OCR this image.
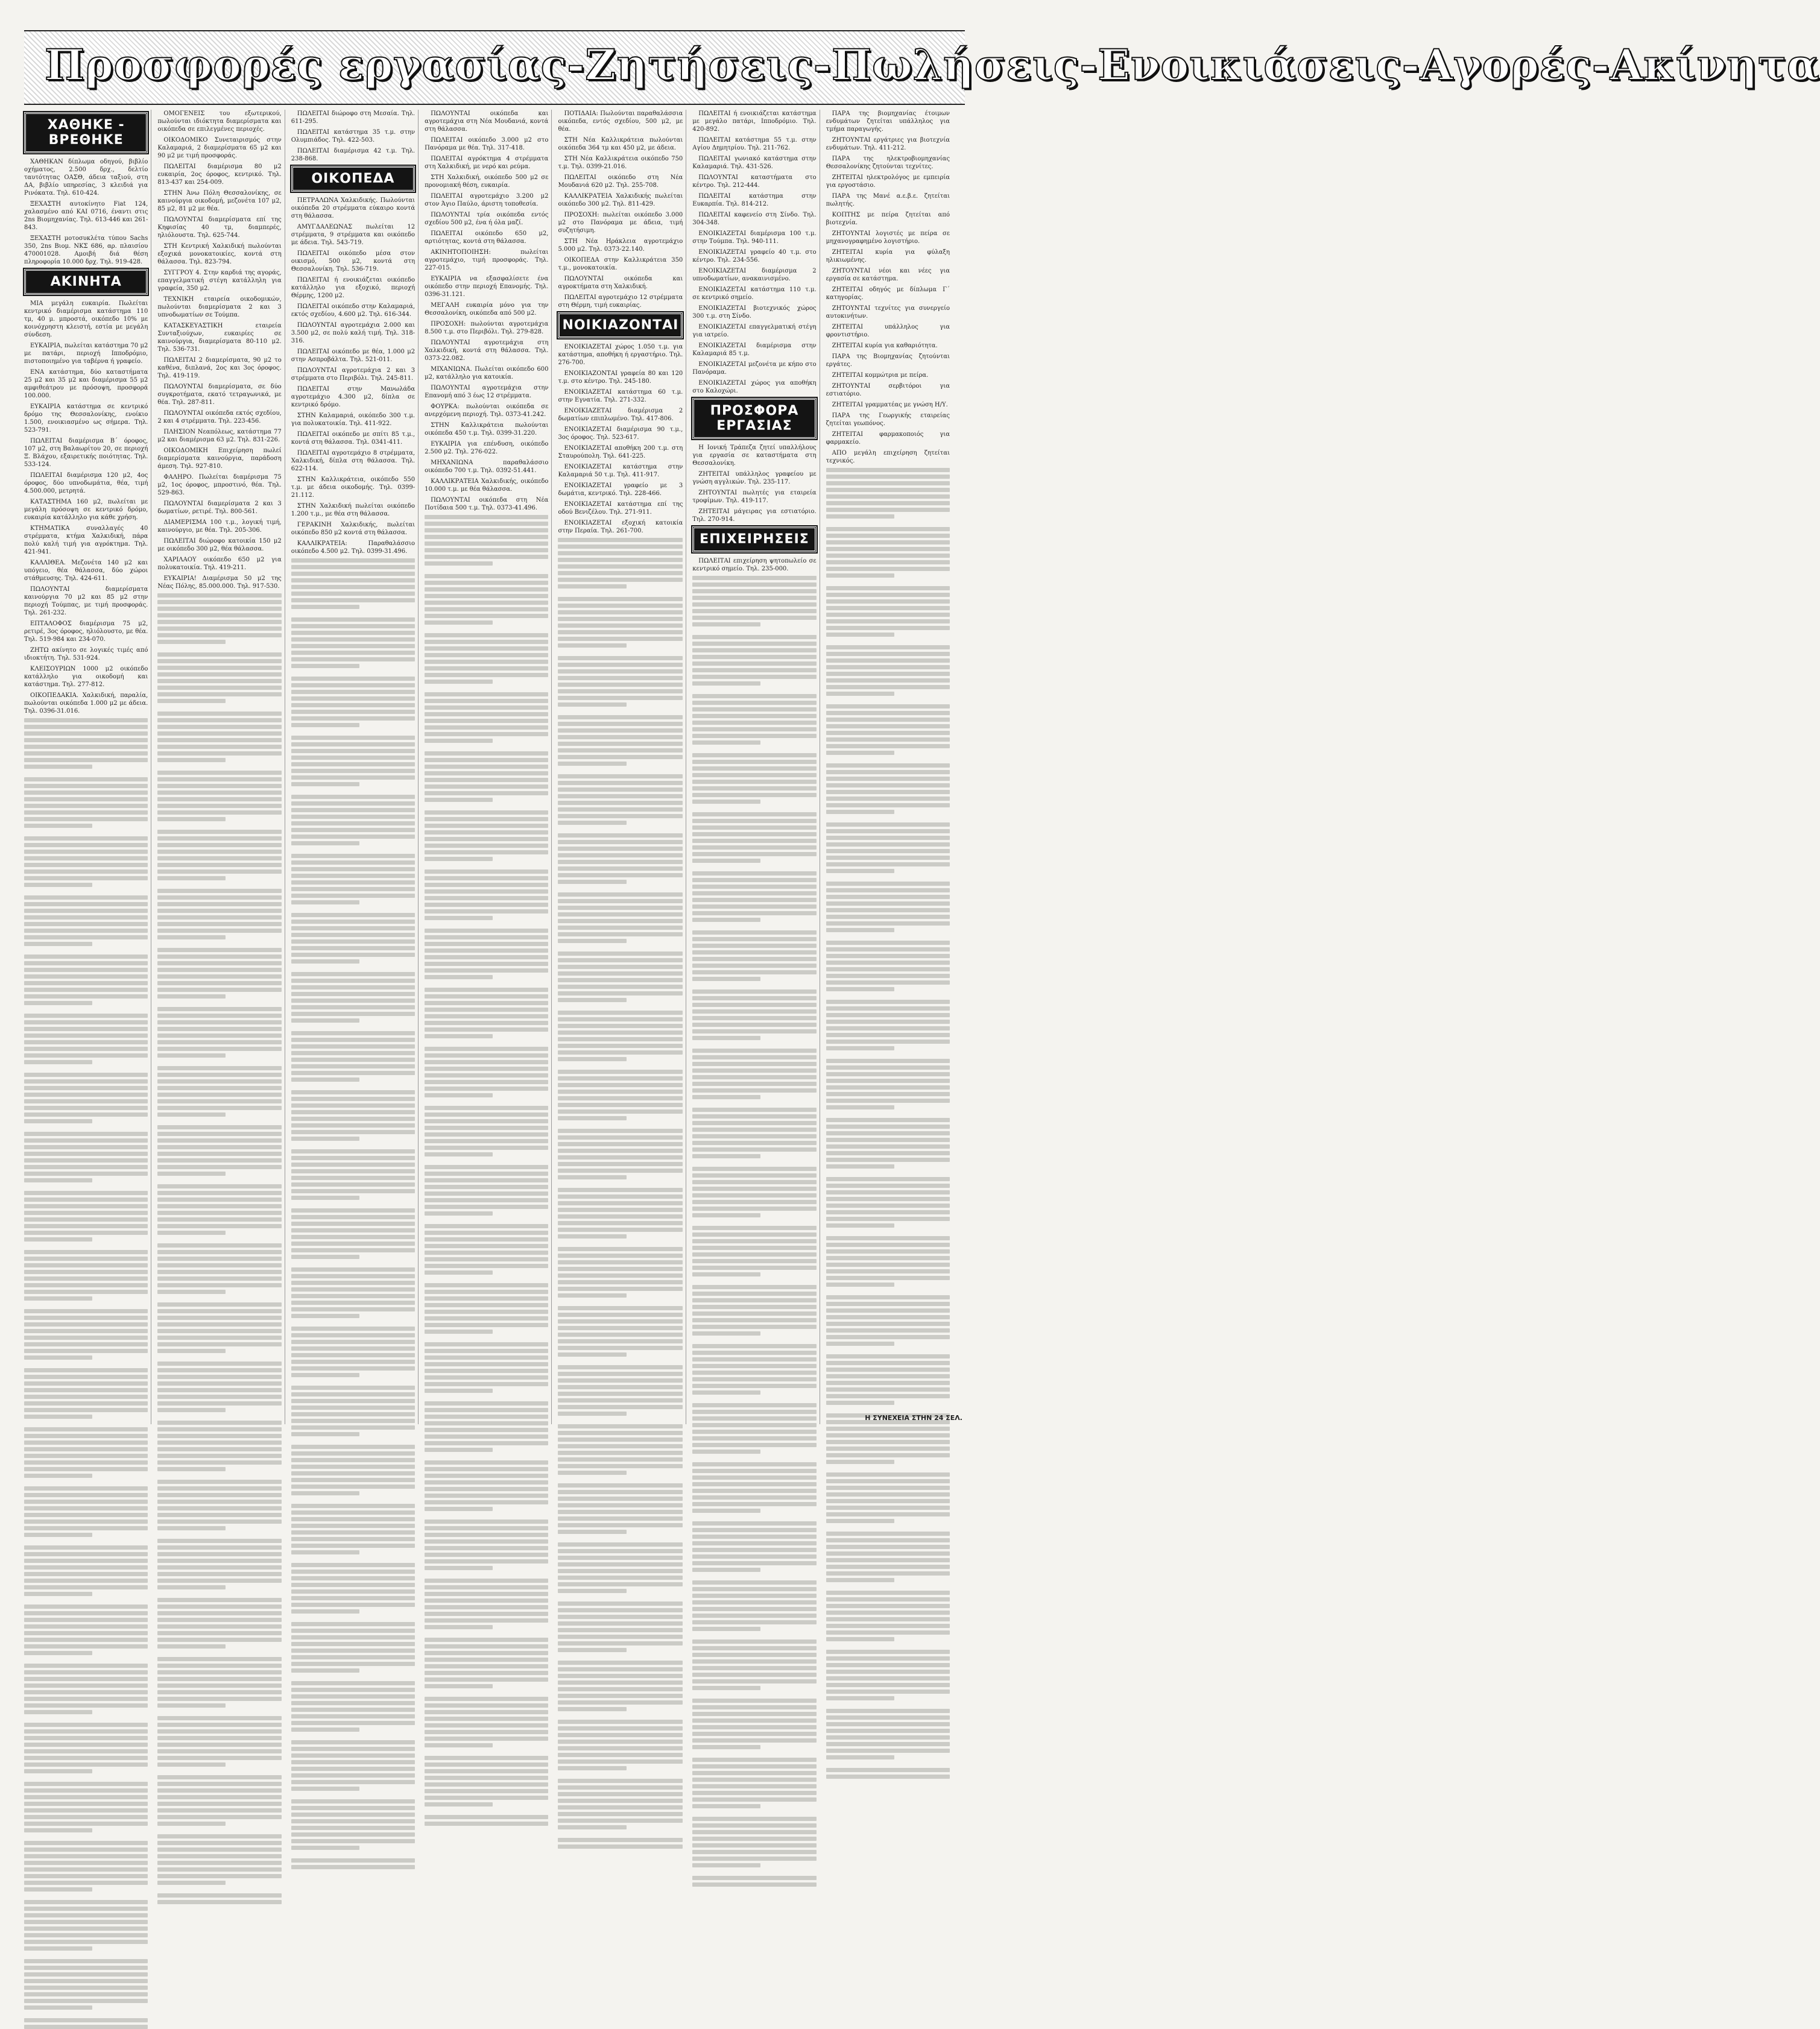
Προσφορές εργασίας-Ζητήσεις-Πωλήσεις-Ενοικιάσεις-Αγορές-Ακίνητα
ΧΑΘΗΚΕ - ΒΡΕΘΗΚΕ

ΧΑΘΗΚΑΝ δίπλωμα οδηγού, βιβλίο οχήματος, 2.500 δρχ., δελτίο ταυτότητας ΟΑΣΘ, άδεια ταξιού, στη ΔΑ, βιβλίο υπηρεσίας, 3 κλειδιά για Ρινόκατα. Τηλ. 610-424.

ΞΕΧΑΣΤΗ αυτοκίνητο Fiat 124, χαλασμένο από ΚΑΙ 0716, έναντι στις 2ns Βιομηχανίας. Τηλ. 613-446 και 261-843.

ΞΕΧΑΣΤΗ μοτοσυκλέτα τύπου Sachs 350, 2ns Βιομ. ΝΚΣ 686, αρ. πλαισίου 470001028. Αμοιβή διά θέση πληροφορία 10.000 δρχ. Τηλ. 919-428.

ΑΚΙΝΗΤΑ

ΜΙΑ μεγάλη ευκαιρία. Πωλείται κεντρικό διαμέρισμα κατάστημα 110 τμ, 40 μ. μπροστά, οικόπεδο 10% με κοινόχρηστη κλειστή, εστία με μεγάλη σύνδεση.

ΕΥΚΑΙΡΙΑ, πωλείται κατάστημα 70 μ2 με πατάρι, περιοχή Ιπποδρόμιο, πιστοποιημένο για ταβέρνα ή γραφείο.

ΕΝΑ κατάστημα, δύο καταστήματα 25 μ2 και 35 μ2 και διαμέρισμα 55 μ2 αμφιθεάτρου με πρόσοψη, προσφορά 100.000.

ΕΥΚΑΙΡΙΑ κατάστημα σε κεντρικό δρόμο της Θεσσαλονίκης, ενοίκιο 1.500, ενοικιασμένο ως σήμερα. Τηλ. 523-791.

ΠΩΛΕΙΤΑΙ διαμέρισμα Β΄ όροφος, 107 μ2, στη Βαλαωρίτου 20, σε περιοχή Ξ. Βλάχου, εξαιρετικής ποιότητας. Τηλ. 533-124.

ΠΩΛΕΙΤΑΙ διαμέρισμα 120 μ2, 4ος όροφος, δύο υπνοδωμάτια, θέα, τιμή 4.500.000, μετρητά.

ΚΑΤΑΣΤΗΜΑ 160 μ2, πωλείται με μεγάλη πρόσοψη σε κεντρικό δρόμο, ευκαιρία κατάλληλο για κάθε χρήση.

ΚΤΗΜΑΤΙΚΑ συναλλαγές 40 στρέμματα, κτήμα Χαλκιδική, πάρα πολύ καλή τιμή για αγρόκτημα. Τηλ. 421-941.

ΚΑΛΛΙΘΕΑ. Μεζονέτα 140 μ2 και υπόγειο, θέα θάλασσα, δύο χώροι στάθμευσης. Τηλ. 424-611.

ΠΩΛΟΥΝΤΑΙ διαμερίσματα καινούργια 70 μ2 και 85 μ2 στην περιοχή Τούμπας, με τιμή προσφοράς. Τηλ. 261-232.

ΕΠΤΑΛΟΦΟΣ διαμέρισμα 75 μ2, ρετιρέ, 3ος όροφος, ηλιόλουστο, με θέα. Τηλ. 519-984 και 234-070.

ΖΗΤΩ ακίνητο σε λογικές τιμές από ιδιοκτήτη. Τηλ. 531-924.

ΚΛΕΙΣΟΥΡΙΩΝ 1000 μ2 οικόπεδο κατάλληλο για οικοδομή και κατάστημα. Τηλ. 277-812.

ΟΙΚΟΠΕΔΑΚΙΑ. Χαλκιδική, παραλία, πωλούνται οικόπεδα 1.000 μ2 με άδεια. Τηλ. 0396-31.016.

ΟΜΟΓΕΝΕΙΣ του εξωτερικού, πωλούνται ιδιόκτητα διαμερίσματα και οικόπεδα σε επιλεγμένες περιοχές.

ΟΙΚΟΔΟΜΙΚΟ Συνεταιρισμός στην Καλαμαριά, 2 διαμερίσματα 65 μ2 και 90 μ2 με τιμή προσφοράς.

ΠΩΛΕΙΤΑΙ διαμέρισμα 80 μ2 ευκαιρία, 2ος όροφος, κεντρικό. Τηλ. 813-437 και 254-009.

ΣΤΗΝ Άνω Πόλη Θεσσαλονίκης, σε καινούργια οικοδομή, μεζονέτα 107 μ2, 85 μ2, 81 μ2 με θέα.

ΠΩΛΟΥΝΤΑΙ διαμερίσματα επί της Κηφισίας 40 τμ, διαμπερές, ηλιόλουστα. Τηλ. 625-744.

ΣΤΗ Κεντρική Χαλκιδική πωλούνται εξοχικά μονοκατοικίες, κοντά στη θάλασσα. Τηλ. 823-794.

ΣΥΓΓΡΟΥ 4. Στην καρδιά της αγοράς, επαγγελματική στέγη κατάλληλη για γραφεία, 350 μ2.

ΤΕΧΝΙΚΗ εταιρεία οικοδομικών, πωλούνται διαμερίσματα 2 και 3 υπνοδωματίων σε Τούμπα.

ΚΑΤΑΣΚΕΥΑΣΤΙΚΗ εταιρεία Συνταξιούχων, ευκαιρίες σε καινούργια, διαμερίσματα 80-110 μ2. Τηλ. 536-731.

ΠΩΛΕΙΤΑΙ 2 διαμερίσματα, 90 μ2 το καθένα, διπλανά, 2ος και 3ος όροφος. Τηλ. 419-119.

ΠΩΛΟΥΝΤΑΙ διαμερίσματα, σε δύο συγκροτήματα, εκατό τετραγωνικά, με θέα. Τηλ. 287-811.

ΠΩΛΟΥΝΤΑΙ οικόπεδα εκτός σχεδίου, 2 και 4 στρέμματα. Τηλ. 223-456.

ΠΛΗΣΙΟΝ Νεαπόλεως, κατάστημα 77 μ2 και διαμέρισμα 63 μ2. Τηλ. 831-226.

ΟΙΚΟΔΟΜΙΚΗ Επιχείρηση πωλεί διαμερίσματα καινούργια, παράδοση άμεση. Τηλ. 927-810.

ΦΑΛΗΡΟ. Πωλείται διαμέρισμα 75 μ2, 1ος όροφος, μπροστινό, θέα. Τηλ. 529-863.

ΠΩΛΟΥΝΤΑΙ διαμερίσματα 2 και 3 δωματίων, ρετιρέ. Τηλ. 800-561.

ΔΙΑΜΕΡΙΣΜΑ 100 τ.μ., λογική τιμή, καινούργιο, με θέα. Τηλ. 205-306.

ΠΩΛΕΙΤΑΙ διώροφο κατοικία 150 μ2 με οικόπεδο 300 μ2, θέα θάλασσα.

ΧΑΡΙΛΑΟΥ οικόπεδο 650 μ2 για πολυκατοικία. Τηλ. 419-211.

ΕΥΚΑΙΡΙΑ! Διαμέρισμα 50 μ2 της Νέας Πόλης, 85.000.000. Τηλ. 917-530.

ΠΩΛΕΙΤΑΙ διώροφο στη Μεσαία. Τηλ. 611-295.

ΠΩΛΕΙΤΑΙ κατάστημα 35 τ.μ. στην Ολυμπιάδος. Τηλ. 422-503.

ΠΩΛΕΙΤΑΙ διαμέρισμα 42 τ.μ. Τηλ. 238-868.

ΟΙΚΟΠΕΔΑ

ΠΕΤΡΑΛΩΝΑ Χαλκιδικής. Πωλούνται οικόπεδα 20 στρέμματα εύκαιρο κοντά στη θάλασσα.

ΑΜΥΓΔΑΛΕΩΝΑΣ πωλείται 12 στρέμματα, 9 στρέμματα και οικόπεδο με άδεια. Τηλ. 543-719.

ΠΩΛΕΙΤΑΙ οικόπεδο μέσα στον οικισμό, 500 μ2, κοντά στη Θεσσαλονίκη. Τηλ. 536-719.

ΠΩΛΕΙΤΑΙ ή ενοικιάζεται οικόπεδο κατάλληλο για εξοχικό, περιοχή Θέρμης, 1200 μ2.

ΠΩΛΕΙΤΑΙ οικόπεδο στην Καλαμαριά, εκτός σχεδίου, 4.600 μ2. Τηλ. 616-344.

ΠΩΛΟΥΝΤΑΙ αγροτεμάχια 2.000 και 3.500 μ2, σε πολύ καλή τιμή. Τηλ. 318-316.

ΠΩΛΕΙΤΑΙ οικόπεδο με θέα, 1.000 μ2 στην Ασπροβάλτα. Τηλ. 521-011.

ΠΩΛΟΥΝΤΑΙ αγροτεμάχια 2 και 3 στρέμματα στο Περιβόλι. Τηλ. 245-811.

ΠΩΛΕΙΤΑΙ στην Μανωλάδα αγροτεμάχιο 4.300 μ2, δίπλα σε κεντρικό δρόμο.

ΣΤΗΝ Καλαμαριά, οικόπεδο 300 τ.μ. για πολυκατοικία. Τηλ. 411-922.

ΠΩΛΕΙΤΑΙ οικόπεδο με σπίτι 85 τ.μ., κοντά στη θάλασσα. Τηλ. 0341-411.

ΠΩΛΕΙΤΑΙ αγροτεμάχιο 8 στρέμματα, Χαλκιδική, δίπλα στη θάλασσα. Τηλ. 622-114.

ΣΤΗΝ Καλλικράτεια, οικόπεδο 550 τ.μ. με άδεια οικοδομής. Τηλ. 0399-21.112.

ΣΤΗΝ Χαλκιδική πωλείται οικόπεδο 1.200 τ.μ., με θέα στη θάλασσα.

ΓΕΡΑΚΙΝΗ Χαλκιδικής, πωλείται οικόπεδο 850 μ2 κοντά στη θάλασσα.

ΚΑΛΛΙΚΡΑΤΕΙΑ: Παραθαλάσσιο οικόπεδο 4.500 μ2. Τηλ. 0399-31.496.

ΠΩΛΟΥΝΤΑΙ οικόπεδα και αγροτεμάχια στη Νέα Μουδανιά, κοντά στη θάλασσα.

ΠΩΛΕΙΤΑΙ οικόπεδο 3.000 μ2 στο Πανόραμα με θέα. Τηλ. 317-418.

ΠΩΛΕΙΤΑΙ αγρόκτημα 4 στρέμματα στη Χαλκιδική, με νερό και ρεύμα.

ΣΤΗ Χαλκιδική, οικόπεδο 500 μ2 σε προνομιακή θέση, ευκαιρία.

ΠΩΛΕΙΤΑΙ αγροτεμάχιο 3.200 μ2 στον Άγιο Παύλο, άριστη τοποθεσία.

ΠΩΛΟΥΝΤΑΙ τρία οικόπεδα εντός σχεδίου 500 μ2, ένα ή όλα μαζί.

ΠΩΛΕΙΤΑΙ οικόπεδο 650 μ2, αρτιότητας, κοντά στη θάλασσα.

ΑΚΙΝΗΤΟΠΟΙΗΣΗ: πωλείται αγροτεμάχιο, τιμή προσφοράς. Τηλ. 227-015.

ΕΥΚΑΙΡΙΑ να εξασφαλίσετε ένα οικόπεδο στην περιοχή Επανομής. Τηλ. 0396-31.121.

ΜΕΓΑΛΗ ευκαιρία μόνο για την Θεσσαλονίκη, οικόπεδα από 500 μ2.

ΠΡΟΣΟΧΗ: πωλούνται αγροτεμάχια 8.500 τ.μ. στο Περιβόλι. Τηλ. 279-828.

ΠΩΛΟΥΝΤΑΙ αγροτεμάχια στη Χαλκιδική, κοντά στη θάλασσα. Τηλ. 0373-22.082.

ΜΙΧΑΝΙΩΝΑ. Πωλείται οικόπεδο 600 μ2, κατάλληλο για κατοικία.

ΠΩΛΟΥΝΤΑΙ αγροτεμάχια στην Επανομή από 3 έως 12 στρέμματα.

ΦΟΥΡΚΑ: πωλούνται οικόπεδα σε ανερχόμενη περιοχή. Τηλ. 0373-41.242.

ΣΤΗΝ Καλλικράτεια πωλούνται οικόπεδα 450 τ.μ. Τηλ. 0399-31.220.

ΕΥΚΑΙΡΙΑ για επένδυση, οικόπεδο 2.500 μ2. Τηλ. 276-022.

ΜΗΧΑΝΙΩΝΑ παραθαλάσσιο οικόπεδο 700 τ.μ. Τηλ. 0392-51.441.

ΚΑΛΛΙΚΡΑΤΕΙΑ Χαλκιδικής, οικόπεδο 10.000 τ.μ. με θέα θάλασσα.

ΠΩΛΟΥΝΤΑΙ οικόπεδα στη Νέα Ποτίδαια 500 τ.μ. Τηλ. 0373-41.496.

ΠΟΤΙΔΑΙΑ: Πωλούνται παραθαλάσσια οικόπεδα, εντός σχεδίου, 500 μ2, με θέα.

ΣΤΗ Νέα Καλλικράτεια πωλούνται οικόπεδα 364 τμ και 450 μ2, με άδεια.

ΣΤΗ Νέα Καλλικράτεια οικόπεδο 750 τ.μ. Τηλ. 0399-21.016.

ΠΩΛΕΙΤΑΙ οικόπεδο στη Νέα Μουδανιά 620 μ2. Τηλ. 255-708.

ΚΑΛΛΙΚΡΑΤΕΙΑ Χαλκιδικής πωλείται οικόπεδο 300 μ2. Τηλ. 811-429.

ΠΡΟΣΟΧΗ: πωλείται οικόπεδο 3.000 μ2 στο Πανόραμα με άδεια, τιμή συζητήσιμη.

ΣΤΗ Νέα Ηράκλεια αγροτεμάχιο 5.000 μ2. Τηλ. 0373-22.140.

ΟΙΚΟΠΕΔΑ στην Καλλικράτεια 350 τ.μ., μονοκατοικία.

ΠΩΛΟΥΝΤΑΙ οικόπεδα και αγροκτήματα στη Χαλκιδική.

ΠΩΛΕΙΤΑΙ αγροτεμάχιο 12 στρέμματα στη Θέρμη, τιμή ευκαιρίας.

ΝΟΙΚΙΑΖΟΝΤΑΙ

ΕΝΟΙΚΙΑΖΕΤΑΙ χώρος 1.050 τ.μ. για κατάστημα, αποθήκη ή εργαστήριο. Τηλ. 276-700.

ΕΝΟΙΚΙΑΖΟΝΤΑΙ γραφεία 80 και 120 τ.μ. στο κέντρο. Τηλ. 245-180.

ΕΝΟΙΚΙΑΖΕΤΑΙ κατάστημα 60 τ.μ. στην Εγνατία. Τηλ. 271-332.

ΕΝΟΙΚΙΑΖΕΤΑΙ διαμέρισμα 2 δωματίων επιπλωμένο. Τηλ. 417-806.

ΕΝΟΙΚΙΑΖΕΤΑΙ διαμέρισμα 90 τ.μ., 3ος όροφος. Τηλ. 523-617.

ΕΝΟΙΚΙΑΖΕΤΑΙ αποθήκη 200 τ.μ. στη Σταυρούπολη. Τηλ. 641-225.

ΕΝΟΙΚΙΑΖΕΤΑΙ κατάστημα στην Καλαμαριά 50 τ.μ. Τηλ. 411-917.

ΕΝΟΙΚΙΑΖΕΤΑΙ γραφείο με 3 δωμάτια, κεντρικό. Τηλ. 228-466.

ΕΝΟΙΚΙΑΖΕΤΑΙ κατάστημα επί της οδού Βενιζέλου. Τηλ. 271-911.

ΕΝΟΙΚΙΑΖΕΤΑΙ εξοχική κατοικία στην Περαία. Τηλ. 261-700.

ΠΩΛΕΙΤΑΙ ή ενοικιάζεται κατάστημα με μεγάλο πατάρι, Ιπποδρόμιο. Τηλ. 420-892.

ΠΩΛΕΙΤΑΙ κατάστημα 55 τ.μ. στην Αγίου Δημητρίου. Τηλ. 211-762.

ΠΩΛΕΙΤΑΙ γωνιακό κατάστημα στην Καλαμαριά. Τηλ. 431-526.

ΠΩΛΟΥΝΤΑΙ καταστήματα στο κέντρο. Τηλ. 212-444.

ΠΩΛΕΙΤΑΙ κατάστημα στην Ευκαρπία. Τηλ. 814-212.

ΠΩΛΕΙΤΑΙ καφενείο στη Σίνδο. Τηλ. 304-348.

ΕΝΟΙΚΙΑΖΕΤΑΙ διαμέρισμα 100 τ.μ. στην Τούμπα. Τηλ. 940-111.

ΕΝΟΙΚΙΑΖΕΤΑΙ γραφείο 40 τ.μ. στο κέντρο. Τηλ. 234-556.

ΕΝΟΙΚΙΑΖΕΤΑΙ διαμέρισμα 2 υπνοδωματίων, ανακαινισμένο.

ΕΝΟΙΚΙΑΖΕΤΑΙ κατάστημα 110 τ.μ. σε κεντρικό σημείο.

ΕΝΟΙΚΙΑΖΕΤΑΙ βιοτεχνικός χώρος 300 τ.μ. στη Σίνδο.

ΕΝΟΙΚΙΑΖΕΤΑΙ επαγγελματική στέγη για ιατρείο.

ΕΝΟΙΚΙΑΖΕΤΑΙ διαμέρισμα στην Καλαμαριά 85 τ.μ.

ΕΝΟΙΚΙΑΖΕΤΑΙ μεζονέτα με κήπο στο Πανόραμα.

ΕΝΟΙΚΙΑΖΕΤΑΙ χώρος για αποθήκη στο Καλοχώρι.

ΠΡΟΣΦΟΡΑ ΕΡΓΑΣΙΑΣ

Η Ιονική Τράπεζα ζητεί υπαλλήλους για εργασία σε καταστήματα στη Θεσσαλονίκη.

ΖΗΤΕΙΤΑΙ υπάλληλος γραφείου με γνώση αγγλικών. Τηλ. 235-117.

ΖΗΤΟΥΝΤΑΙ πωλητές για εταιρεία τροφίμων. Τηλ. 419-117.

ΖΗΤΕΙΤΑΙ μάγειρας για εστιατόριο. Τηλ. 270-914.

ΕΠΙΧΕΙΡΗΣΕΙΣ

ΠΩΛΕΙΤΑΙ επιχείρηση ψητοπωλείο σε κεντρικό σημείο. Τηλ. 235-000.

ΠΑΡΑ της βιομηχανίας έτοιμων ενδυμάτων ζητείται υπάλληλος για τμήμα παραγωγής.

ΖΗΤΟΥΝΤΑΙ εργάτριες για βιοτεχνία ενδυμάτων. Τηλ. 411-212.

ΠΑΡΑ της ηλεκτροβιομηχανίας Θεσσαλονίκης ζητούνται τεχνίτες.

ΖΗΤΕΙΤΑΙ ηλεκτρολόγος με εμπειρία για εργοστάσιο.

ΠΑΡΑ της Μανέ α.ε.β.ε. ζητείται πωλητής.

ΚΟΠΤΗΣ με πείρα ζητείται από βιοτεχνία.

ΖΗΤΟΥΝΤΑΙ λογιστές με πείρα σε μηχανογραφημένο λογιστήριο.

ΖΗΤΕΙΤΑΙ κυρία για φύλαξη ηλικιωμένης.

ΖΗΤΟΥΝΤΑΙ νέοι και νέες για εργασία σε κατάστημα.

ΖΗΤΕΙΤΑΙ οδηγός με δίπλωμα Γ΄ κατηγορίας.

ΖΗΤΟΥΝΤΑΙ τεχνίτες για συνεργείο αυτοκινήτων.

ΖΗΤΕΙΤΑΙ υπάλληλος για φροντιστήριο.

ΖΗΤΕΙΤΑΙ κυρία για καθαριότητα.

ΠΑΡΑ της Βιομηχανίας ζητούνται εργάτες.

ΖΗΤΕΙΤΑΙ κομμώτρια με πείρα.

ΖΗΤΟΥΝΤΑΙ σερβιτόροι για εστιατόριο.

ΖΗΤΕΙΤΑΙ γραμματέας με γνώση Η/Υ.

ΠΑΡΑ της Γεωργικής εταιρείας ζητείται γεωπόνος.

ΖΗΤΕΙΤΑΙ φαρμακοποιός για φαρμακείο.

ΑΠΟ μεγάλη επιχείρηση ζητείται τεχνικός.

Η ΣΥΝΕΧΕΙΑ ΣΤΗΝ 24 ΣΕΛ.
